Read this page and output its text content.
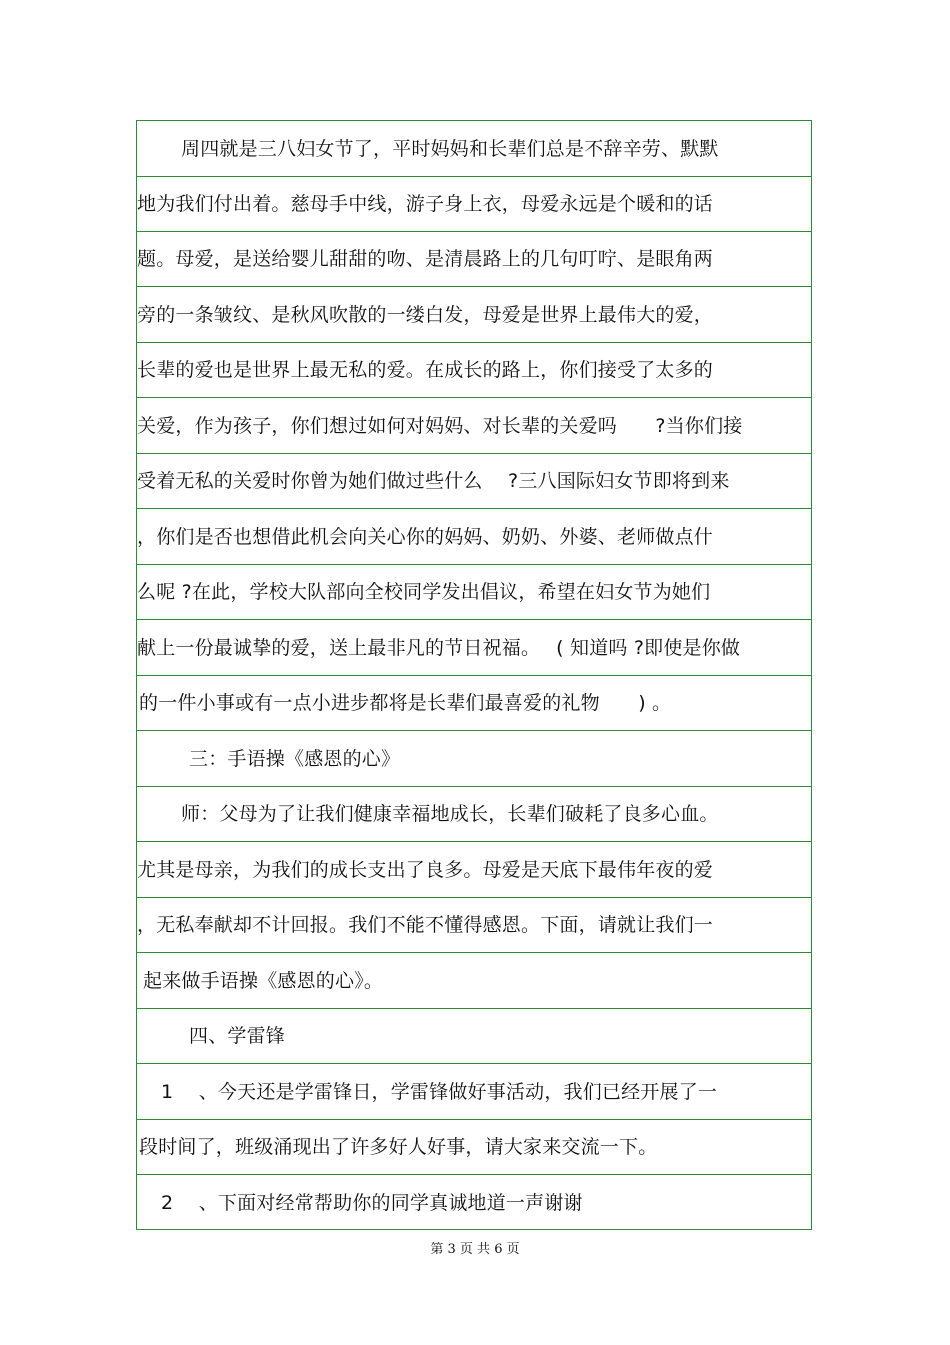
周四就是三八妇女节了，平时妈妈和长辈们总是不辞辛劳、默默
地为我们付出着。慈母手中线，游子身上衣，母爱永远是个暖和的话
题。母爱，是送给婴儿甜甜的吻、是清晨路上的几句叮咛、是眼角两
旁的一条皱纹、是秋风吹散的一缕白发，母爱是世界上最伟大的爱，
长辈的爱也是世界上最无私的爱。在成长的路上，你们接受了太多的
关爱，作为孩子，你们想过如何对妈妈、对长辈的关爱吗　　?当你们接
受着无私的关爱时你曾为她们做过些什么　 ?三八国际妇女节即将到来
，你们是否也想借此机会向关心你的妈妈、奶奶、外婆、老师做点什
么呢 ?在此，学校大队部向全校同学发出倡议，希望在妇女节为她们
献上一份最诚挚的爱，送上最非凡的节日祝福。　 ( 知道吗 ?即使是你做
的一件小事或有一点小进步都将是长辈们最喜爱的礼物　　) 。
三：手语操《感恩的心》
师：父母为了让我们健康幸福地成长，长辈们破耗了良多心血。
尤其是母亲，为我们的成长支出了良多。母爱是天底下最伟年夜的爱
，无私奉献却不计回报。我们不能不懂得感恩。下面，请就让我们一
起来做手语操《感恩的心》。
四、学雷锋
1　 、今天还是学雷锋日，学雷锋做好事活动，我们已经开展了一
段时间了，班级涌现出了许多好人好事，请大家来交流一下。
2　 、下面对经常帮助你的同学真诚地道一声谢谢
第 3 页 共 6 页
